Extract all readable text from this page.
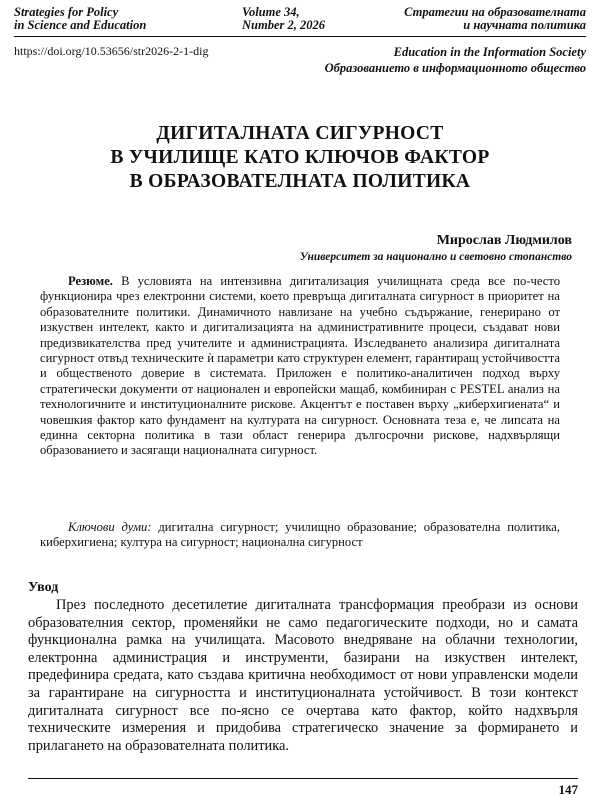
Strategies for Policy
in Science and Education
Volume 34,
Number 2, 2026
Стратегии на образователната
и научната политика
https://doi.org/10.53656/str2026-2-1-dig	Education in the Information Society
Образованието в информационното общество
ДИГИТАЛНАТА СИГУРНОСТ
В УЧИЛИЩЕ КАТО КЛЮЧОВ ФАКТОР
В ОБРАЗОВАТЕЛНАТА ПОЛИТИКА
Мирослав Людмилов
Университет за национално и световно стопанство

Резюме. В условията на интензивна дигитализация училищната среда все по-често функционира чрез електронни системи, което превръща дигиталната сигурност в приоритет на образователните политики. Динамичното навлизане на учебно съдържание, генерирано от изкуствен интелект, както и дигитализацията на административните процеси, създават нови предизвикателства пред учителите и администрацията. Изследването анализира дигиталната сигурност отвъд техническите ѝ параметри като структурен елемент, гарантиращ устойчивостта и общественото доверие в системата. Приложен е политико-аналитичен подход върху стратегически документи от национален и европейски мащаб, комбиниран с PESTEL анализ на технологичните и институционалните рискове. Акцентът е поставен върху „киберхигиената“ и човешкия фактор като фундамент на културата на сигурност. Основната теза е, че липсата на единна секторна политика в тази област генерира дългосрочни рискове, надхвърлящи образованието и засягащи националната сигурност.

Ключови думи: дигитална сигурност; училищно образование; образователна политика, киберхигиена; култура на сигурност; национална сигурност

Увод

През последното десетилетие дигиталната трансформация преобрази из основи образователния сектор, променяйки не само педагогическите подходи, но и самата функционална рамка на училищата. Масовото внедряване на облачни технологии, електронна администрация и инструменти, базирани на изкуствен интелект, предефинира средата, като създава критична необходимост от нови управленски модели за гарантиране на сигурността и институционалната устойчивост. В този контекст дигиталната сигурност все по-ясно се очертава като фактор, който надхвърля техническите измерения и придобива стратегическо значение за формирането и прилагането на образователната политика.

147
